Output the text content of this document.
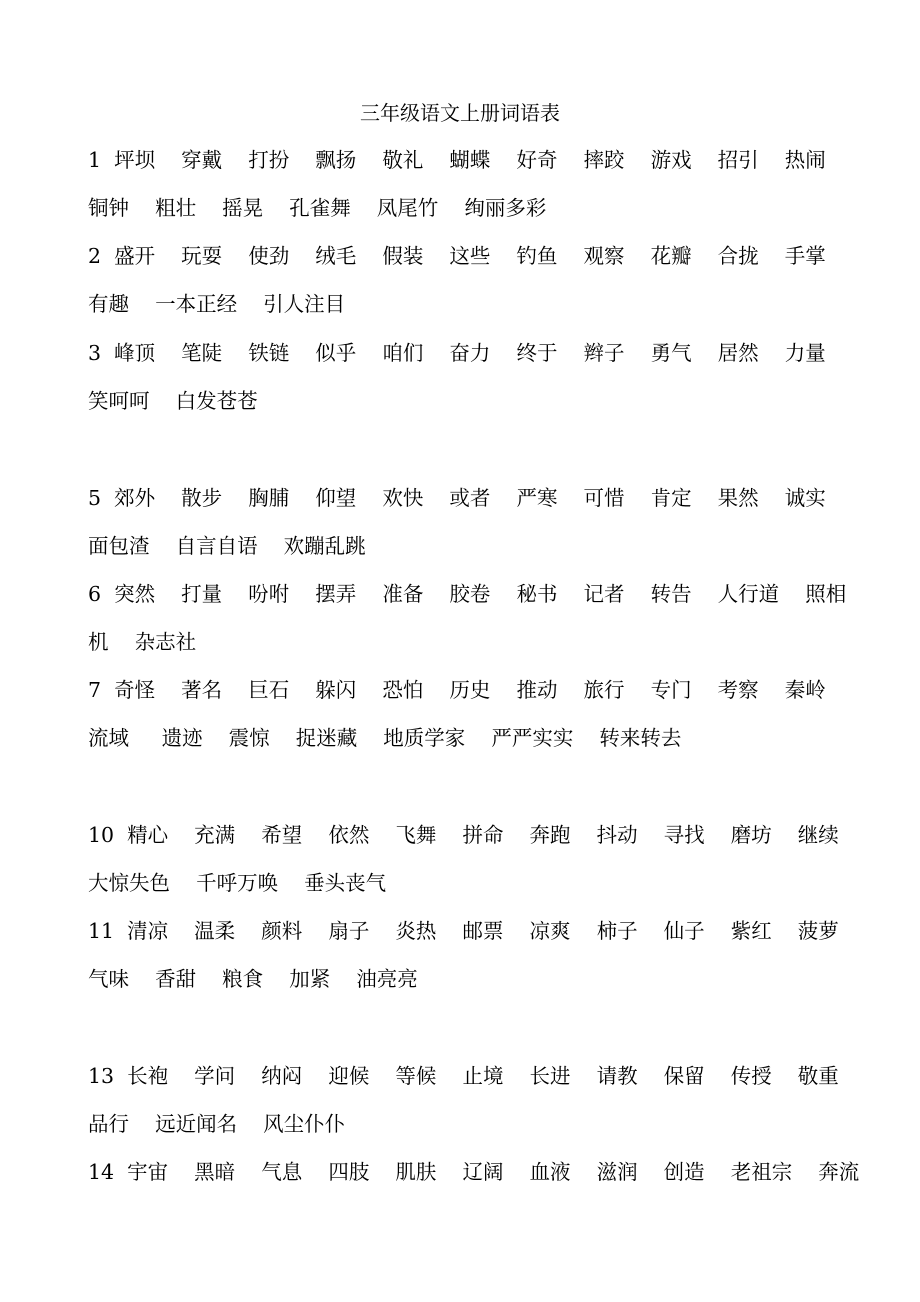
三年级语文上册词语表
1  坪坝    穿戴    打扮    飘扬    敬礼    蝴蝶    好奇    摔跤    游戏    招引    热闹
铜钟    粗壮    摇晃    孔雀舞    凤尾竹    绚丽多彩
2  盛开    玩耍    使劲    绒毛    假装    这些    钓鱼    观察    花瓣    合拢    手掌
有趣    一本正经    引人注目
3  峰顶    笔陡    铁链    似乎    咱们    奋力    终于    辫子    勇气    居然    力量
笑呵呵    白发苍苍
5  郊外    散步    胸脯    仰望    欢快    或者    严寒    可惜    肯定    果然    诚实
面包渣    自言自语    欢蹦乱跳
6  突然    打量    吩咐    摆弄    准备    胶卷    秘书    记者    转告    人行道    照相
机    杂志社
7  奇怪    著名    巨石    躲闪    恐怕    历史    推动    旅行    专门    考察    秦岭
流域     遗迹    震惊    捉迷藏    地质学家    严严实实    转来转去
10  精心    充满    希望    依然    飞舞    拼命    奔跑    抖动    寻找    磨坊    继续
大惊失色    千呼万唤    垂头丧气
11  清凉    温柔    颜料    扇子    炎热    邮票    凉爽    柿子    仙子    紫红    菠萝
气味    香甜    粮食    加紧    油亮亮
13  长袍    学问    纳闷    迎候    等候    止境    长进    请教    保留    传授    敬重
品行    远近闻名    风尘仆仆
14  宇宙    黑暗    气息    四肢    肌肤    辽阔    血液    滋润    创造    老祖宗    奔流
